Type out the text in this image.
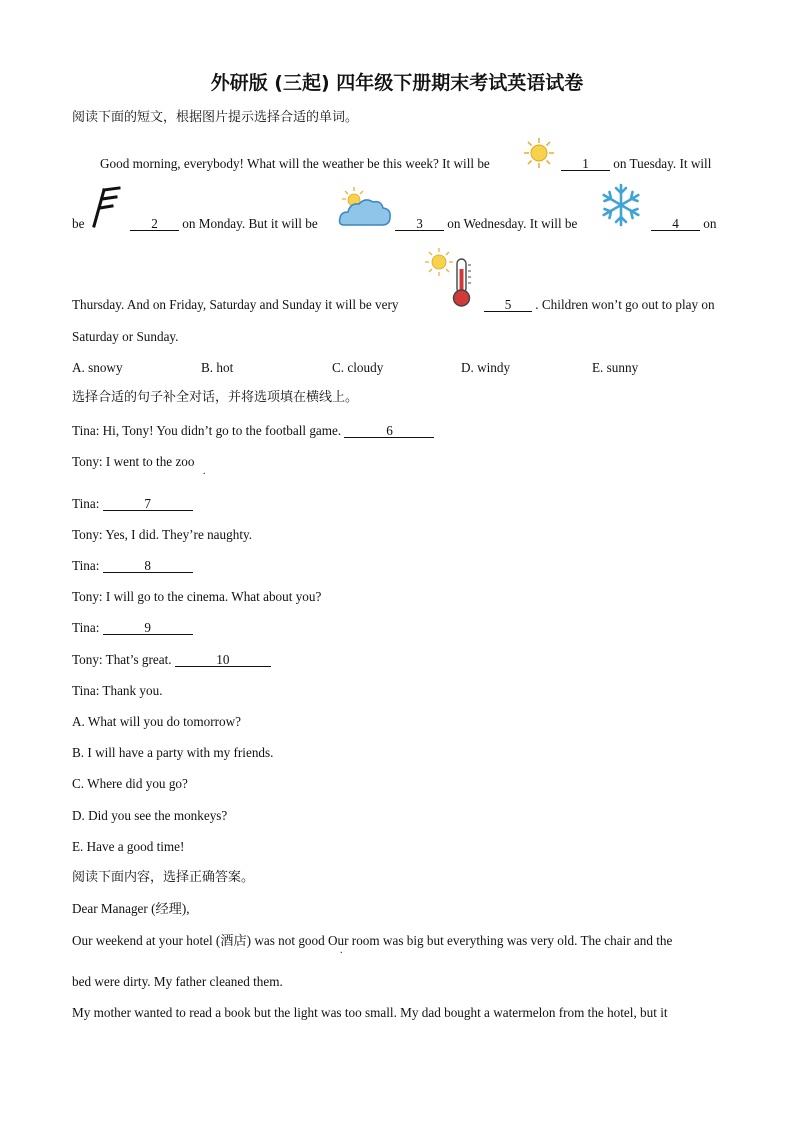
外研版 (三起) 四年级下册期末考试英语试卷
阅读下面的短文，根据图片提示选择合适的单词。
Good morning, everybody! What will the weather be this week? It will be	1 on Tuesday. It will
be	2 on Monday. But it will be	3 on Wednesday. It will be	4 on
Thursday. And on Friday, Saturday and Sunday it will be very	5 . Children won’t go out to play on
Saturday or Sunday.
A. snowy	B. hot	C. cloudy	D. windy	E. sunny
选择合适的句子补全对话，并将选项填在横线上。
Tina: Hi, Tony! You didn’t go to the football game.	6
Tony: I went to the zoo
.
Tina:	7
Tony: Yes, I did. They’re naughty.
Tina:	8
Tony: I will go to the cinema. What about you?
Tina:	9
Tony: That’s great.	10
Tina: Thank you.
A. What will you do tomorrow?
B. I will have a party with my friends.
C. Where did you go?
D. Did you see the monkeys?
E. Have a good time!
阅读下面内容，选择正确答案。
Dear Manager (经理),
Our weekend at your hotel (酒店) was not good Our room was big but everything was very old. The chair and the
.
bed were dirty. My father cleaned them.
My mother wanted to read a book but the light was too small. My dad bought a watermelon from the hotel, but it
